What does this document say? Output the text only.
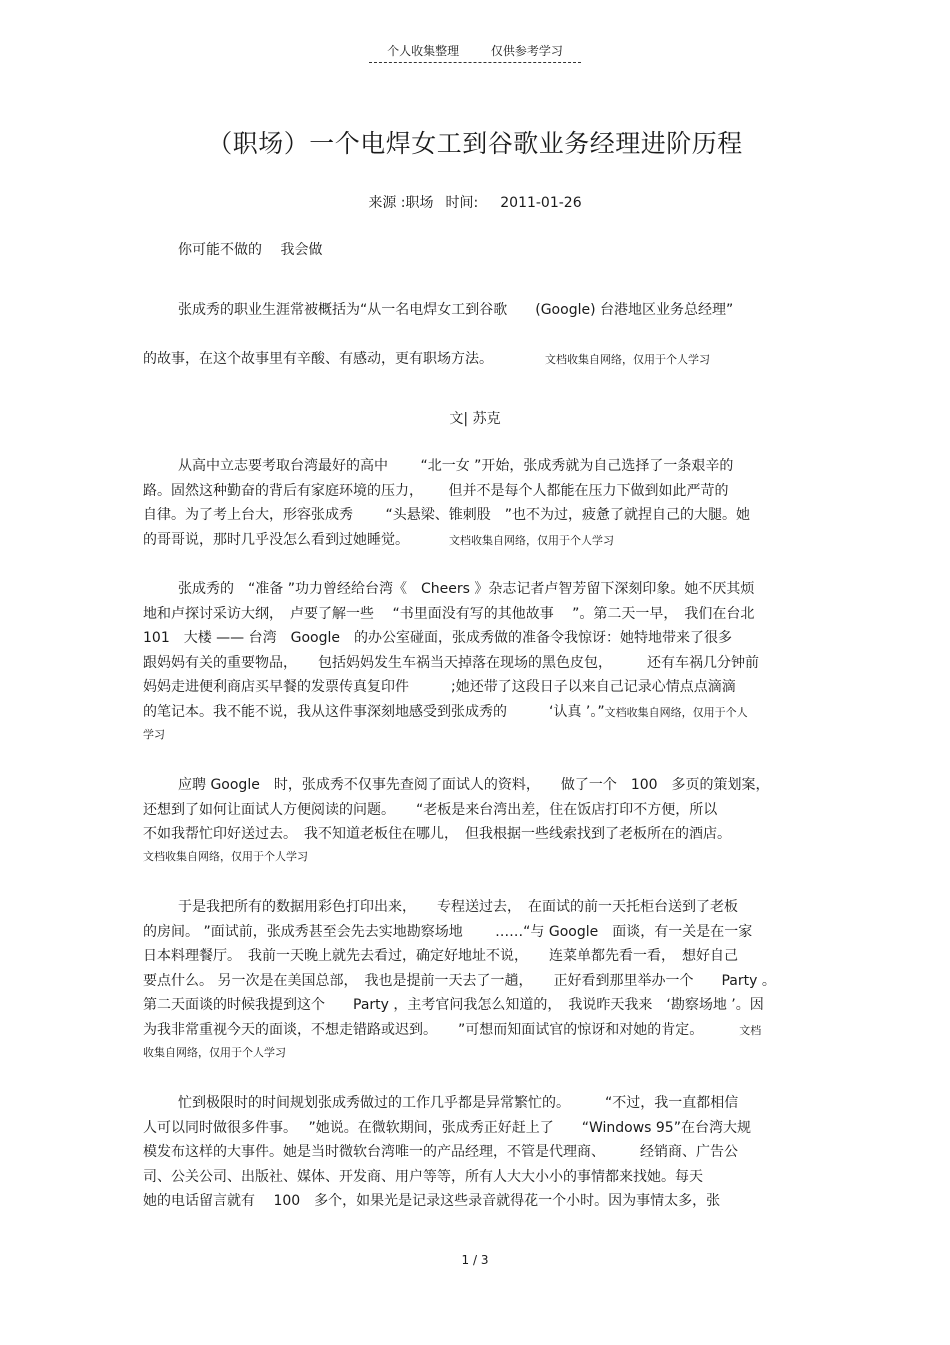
个人收集整理	仅供参考学习
（职场）一个电焊女工到谷歌业务经理进阶历程
来源 :职场 时间: 2011-01-26
你可能不做的　 我会做
张成秀的职业生涯常被概括为“从一名电焊女工到谷歌　　(Google) 台港地区业务总经理”
的故事，在这个故事里有辛酸、有感动，更有职场方法。	文档收集自网络，仅用于个人学习
文| 苏克
从高中立志要考取台湾最好的高中　　 “北一女 ”开始，张成秀就为自己选择了一条艰辛的
路。固然这种勤奋的背后有家庭环境的压力，　　 但并不是每个人都能在压力下做到如此严苛的
自律。为了考上台大，形容张成秀　　 “头悬梁、锥刺股　”也不为过，疲惫了就捏自己的大腿。她
的哥哥说，那时几乎没怎么看到过她睡觉。	文档收集自网络，仅用于个人学习
张成秀的　“准备 ”功力曾经给台湾《　Cheers 》杂志记者卢智芳留下深刻印象。她不厌其烦
地和卢探讨采访大纲，　卢要了解一些　 “书里面没有写的其他故事　 ”。第二天一早，　我们在台北
101　大楼 —— 台湾　Google　的办公室碰面，张成秀做的准备令我惊讶：她特地带来了很多
跟妈妈有关的重要物品，　　包括妈妈发生车祸当天掉落在现场的黑色皮包，　　　还有车祸几分钟前
妈妈走进便利商店买早餐的发票传真复印件　　　;她还带了这段日子以来自己记录心情点点滴滴
的笔记本。我不能不说，我从这件事深刻地感受到张成秀的　　　‘认真 ’。”文档收集自网络，仅用于个人
学习
应聘 Google　时，张成秀不仅事先查阅了面试人的资料，　　做了一个　100　多页的策划案，
还想到了如何让面试人方便阅读的问题。　　“老板是来台湾出差，住在饭店打印不方便，所以
不如我帮忙印好送过去。　我不知道老板住在哪儿，　但我根据一些线索找到了老板所在的酒店。
文档收集自网络，仅用于个人学习
于是我把所有的数据用彩色打印出来，　　专程送过去，　在面试的前一天托柜台送到了老板
的房间。 ”面试前，张成秀甚至会先去实地勘察场地　　 ……“与 Google　面谈，有一关是在一家
日本料理餐厅。　我前一天晚上就先去看过，确定好地址不说，　　连菜单都先看一看，　想好自己
要点什么。 另一次是在美国总部，　我也是提前一天去了一趟，　　正好看到那里举办一个　　Party 。
第二天面谈的时候我提到这个　　Party ，主考官问我怎么知道的，　我说昨天我来　‘勘察场地 ’。因
为我非常重视今天的面谈，不想走错路或迟到。　　”可想而知面试官的惊讶和对她的肯定。	文档
收集自网络，仅用于个人学习
忙到极限时的时间规划张成秀做过的工作几乎都是异常繁忙的。　　　“不过，我一直都相信
人可以同时做很多件事。　 ”她说。在微软期间，张成秀正好赶上了　　“Windows 95”在台湾大规
模发布这样的大事件。她是当时微软台湾唯一的产品经理，不管是代理商、　　　经销商、广告公
司、公关公司、出版社、媒体、开发商、用户等等，所有人大大小小的事情都来找她。每天
她的电话留言就有　 100　多个，如果光是记录这些录音就得花一个小时。因为事情太多，张
1 / 3
